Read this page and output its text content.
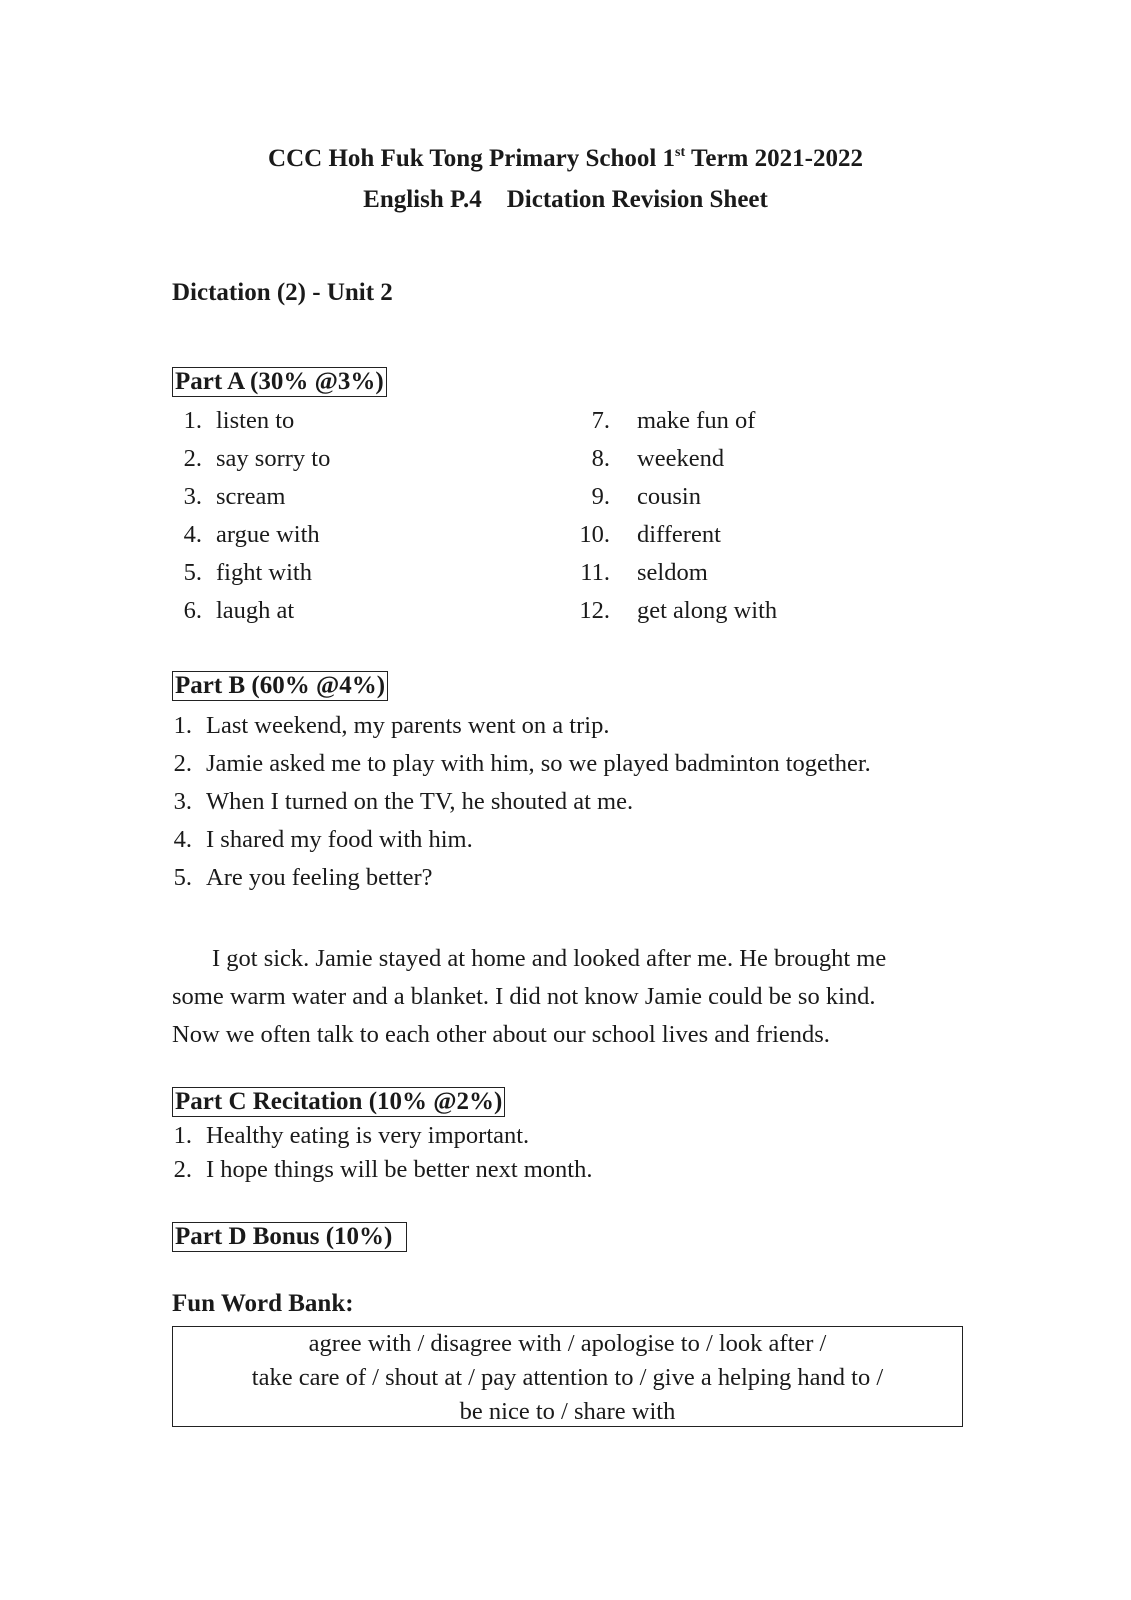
CCC Hoh Fuk Tong Primary School 1st Term 2021-2022
English P.4    Dictation Revision Sheet
Dictation (2) - Unit 2
Part A (30% @3%)
1. listen to
2. say sorry to
3. scream
4. argue with
5. fight with
6. laugh at
7. make fun of
8. weekend
9. cousin
10. different
11. seldom
12. get along with
Part B (60% @4%)
1. Last weekend, my parents went on a trip.
2. Jamie asked me to play with him, so we played badminton together.
3. When I turned on the TV, he shouted at me.
4. I shared my food with him.
5. Are you feeling better?
I got sick. Jamie stayed at home and looked after me. He brought me
some warm water and a blanket. I did not know Jamie could be so kind.
Now we often talk to each other about our school lives and friends.
Part C Recitation (10% @2%)
1. Healthy eating is very important.
2. I hope things will be better next month.
Part D Bonus (10%)
Fun Word Bank:
agree with / disagree with / apologise to / look after /
take care of / shout at / pay attention to / give a helping hand to /
be nice to / share with
